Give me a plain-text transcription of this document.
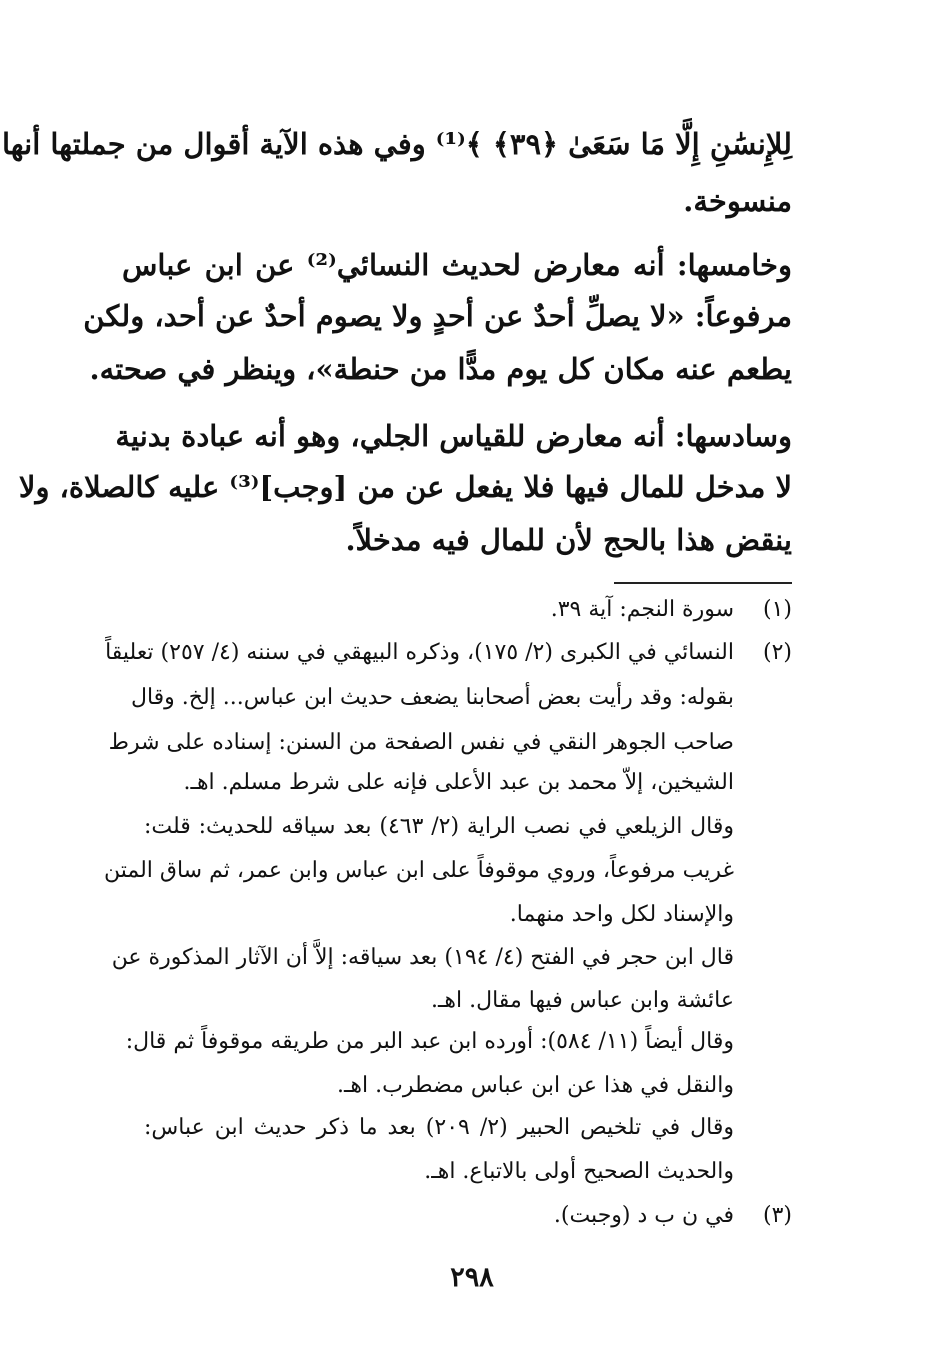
لِلإِنسَٰنِ إِلَّا مَا سَعَىٰ ﴿٣٩﴾ ﴾⁽¹⁾ وفي هذه الآية أقوال من جملتها أنها
منسوخة.
وخامسها: أنه معارض لحديث النسائي⁽²⁾ عن ابن عباس
مرفوعاً: «لا يصلِّ أحدٌ عن أحدٍ ولا يصوم أحدٌ عن أحد، ولكن
يطعم عنه مكان كل يوم مدًّا من حنطة»، وينظر في صحته.
وسادسها: أنه معارض للقياس الجلي، وهو أنه عبادة بدنية
لا مدخل للمال فيها فلا يفعل عن من [وجب]⁽³⁾ عليه كالصلاة، ولا
ينقض هذا بالحج لأن للمال فيه مدخلاً.
(١)
سورة النجم: آية ٣٩.
(٢)
النسائي في الكبرى (٢/ ١٧٥)، وذكره البيهقي في سننه (٤/ ٢٥٧) تعليقاً
بقوله: وقد رأيت بعض أصحابنا يضعف حديث ابن عباس... إلخ. وقال
صاحب الجوهر النقي في نفس الصفحة من السنن: إسناده على شرط
الشيخين، إلاّ محمد بن عبد الأعلى فإنه على شرط مسلم. اهـ.
وقال الزيلعي في نصب الراية (٢/ ٤٦٣) بعد سياقه للحديث: قلت:
غريب مرفوعاً، وروي موقوفاً على ابن عباس وابن عمر، ثم ساق المتن
والإسناد لكل واحد منهما.
قال ابن حجر في الفتح (٤/ ١٩٤) بعد سياقه: إلاَّ أن الآثار المذكورة عن
عائشة وابن عباس فيها مقال. اهـ.
وقال أيضاً (١١/ ٥٨٤): أورده ابن عبد البر من طريقه موقوفاً ثم قال:
والنقل في هذا عن ابن عباس مضطرب. اهـ.
وقال في تلخيص الحبير (٢/ ٢٠٩) بعد ما ذكر حديث ابن عباس:
والحديث الصحيح أولى بالاتباع. اهـ.
(٣)
في ن ب د (وجبت).
٢٩٨
